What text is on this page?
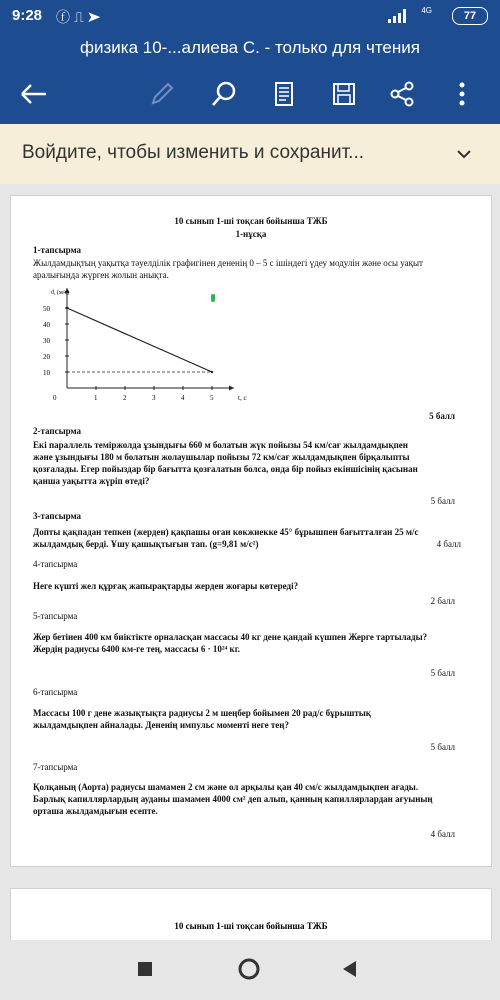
9:28 ⓕ⎍➤	4G	77
физика 10-...алиева С. - только для чтения
Войдите, чтобы изменить и сохранит...
10 сынып 1-ші тоқсан бойынша ТЖБ
1-нұсқа
1-тапсырма
Жылдамдықтың уақытқа тәуелділік графигінен дененің 0 – 5 с ішіндегі үдеу модулін және осы уақыт
аралығында жүрген жолын анықта.
ϑ, (м/с)
t, с
0	1	2	3	4	5
10
20
30
40
50
5 балл
2-тапсырма
Екі параллель теміржолда ұзындығы 660 м болатын жүк пойызы 54 км/сағ жылдамдықпен
және ұзындығы 180 м болатын жолаушылар пойызы 72 км/сағ жылдамдықпен бірқалыпты
қозғалады. Егер пойыздар бір бағытта қозғалатын болса, онда бір пойыз екіншісінің қасынан
қанша уақытта жүріп өтеді?
5 балл
3-тапсырма
Допты қақпадан тепкен (жерден) қақпашы оған көкжиекке 45° бұрышпен бағытталған 25 м/с
жылдамдық берді. Ұшу қашықтығын тап. (g=9,81 м/с²)	4 балл
4-тапсырма
Неге күшті жел құрғақ жапырақтарды жерден жоғары көтереді?
2 балл
5-тапсырма
Жер бетінен 400 км биіктікте орналасқан массасы 40 кг дене қандай күшпен Жерге тартылады?
Жердің радиусы 6400 км-ге тең, массасы 6 · 10²⁴ кг.
5 балл
6-тапсырма
Массасы 100 г дене жазықтықта радиусы 2 м шеңбер бойымен 20 рад/с бұрыштық
жылдамдықпен айналады. Дененің импульс моменті неге тең?
5 балл
7-тапсырма
Қолқаның (Аорта) радиусы шамамен 2 см және ол арқылы қан 40 см/с жылдамдықпен ағады.
Барлық капиллярлардың ауданы шамамен 4000 см² деп алып, қанның капиллярлардан ағуының
орташа жылдамдығын есепте.
4 балл
10 сынып 1-ші тоқсан бойынша ТЖБ
